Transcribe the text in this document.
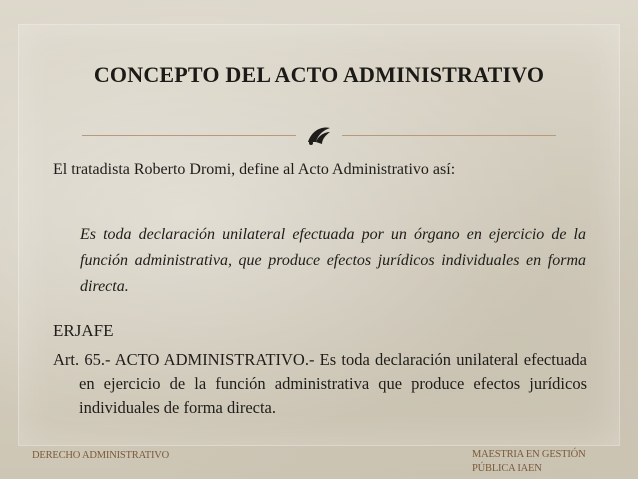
CONCEPTO DEL ACTO ADMINISTRATIVO
El tratadista Roberto Dromi, define al Acto Administrativo así:
Es toda declaración unilateral efectuada por un órgano en ejercicio de la función administrativa, que produce efectos jurídicos individuales en forma directa.
ERJAFE

Art. 65.- ACTO ADMINISTRATIVO.- Es toda declaración unilateral efectuada en ejercicio de la función administrativa que produce efectos jurídicos individuales de forma directa.

DERECHO ADMINISTRATIVO	MAESTRIA EN GESTIÓN PÚBLICA IAEN
